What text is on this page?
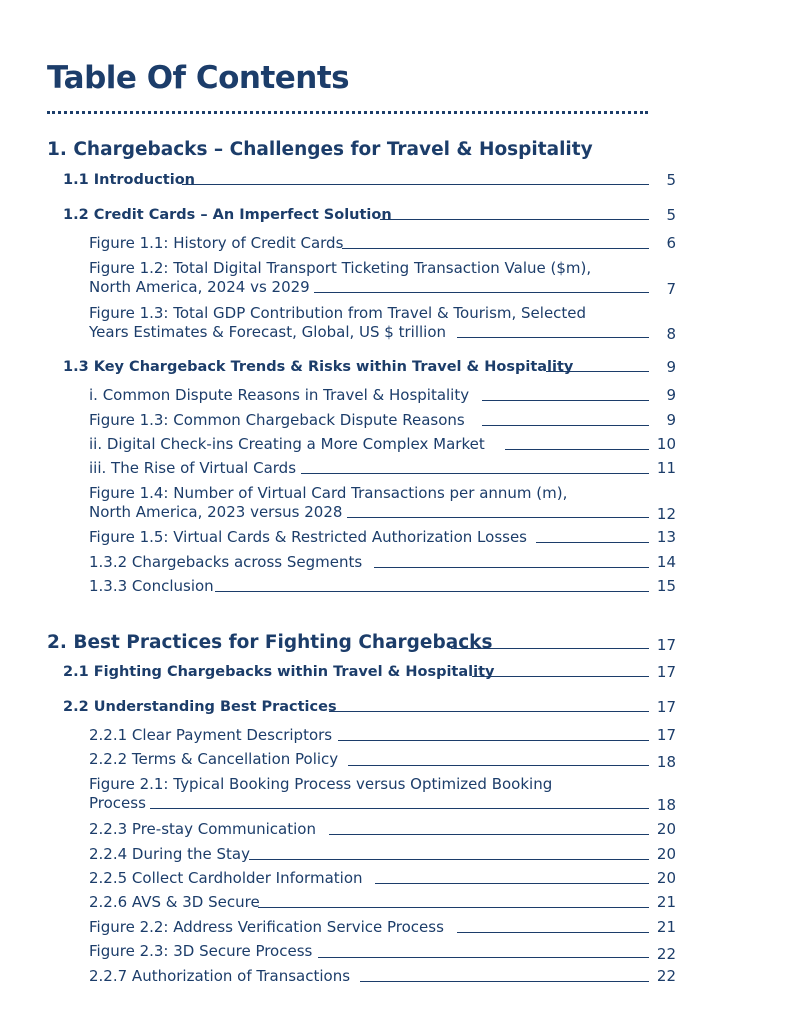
Table Of Contents
1. Chargebacks – Challenges for Travel & Hospitality
1.1 Introduction	5
1.2 Credit Cards – An Imperfect Solution	5
Figure 1.1: History of Credit Cards	6
Figure 1.2: Total Digital Transport Ticketing Transaction Value ($m),
North America, 2024 vs 2029	7
Figure 1.3: Total GDP Contribution from Travel & Tourism, Selected
Years Estimates & Forecast, Global, US $ trillion	8
1.3 Key Chargeback Trends & Risks within Travel & Hospitality	9
i. Common Dispute Reasons in Travel & Hospitality	9
Figure 1.3: Common Chargeback Dispute Reasons	9
ii. Digital Check-ins Creating a More Complex Market	10
iii. The Rise of Virtual Cards	11
Figure 1.4: Number of Virtual Card Transactions per annum (m),
North America, 2023 versus 2028	12
Figure 1.5: Virtual Cards & Restricted Authorization Losses	13
1.3.2 Chargebacks across Segments	14
1.3.3 Conclusion	15
2. Best Practices for Fighting Chargebacks	17
2.1 Fighting Chargebacks within Travel & Hospitality	17
2.2 Understanding Best Practices	17
2.2.1 Clear Payment Descriptors	17
2.2.2 Terms & Cancellation Policy	18
Figure 2.1: Typical Booking Process versus Optimized Booking
Process	18
2.2.3 Pre-stay Communication	20
2.2.4 During the Stay	20
2.2.5 Collect Cardholder Information	20
2.2.6 AVS & 3D Secure	21
Figure 2.2: Address Verification Service Process	21
Figure 2.3: 3D Secure Process	22
2.2.7 Authorization of Transactions	22
